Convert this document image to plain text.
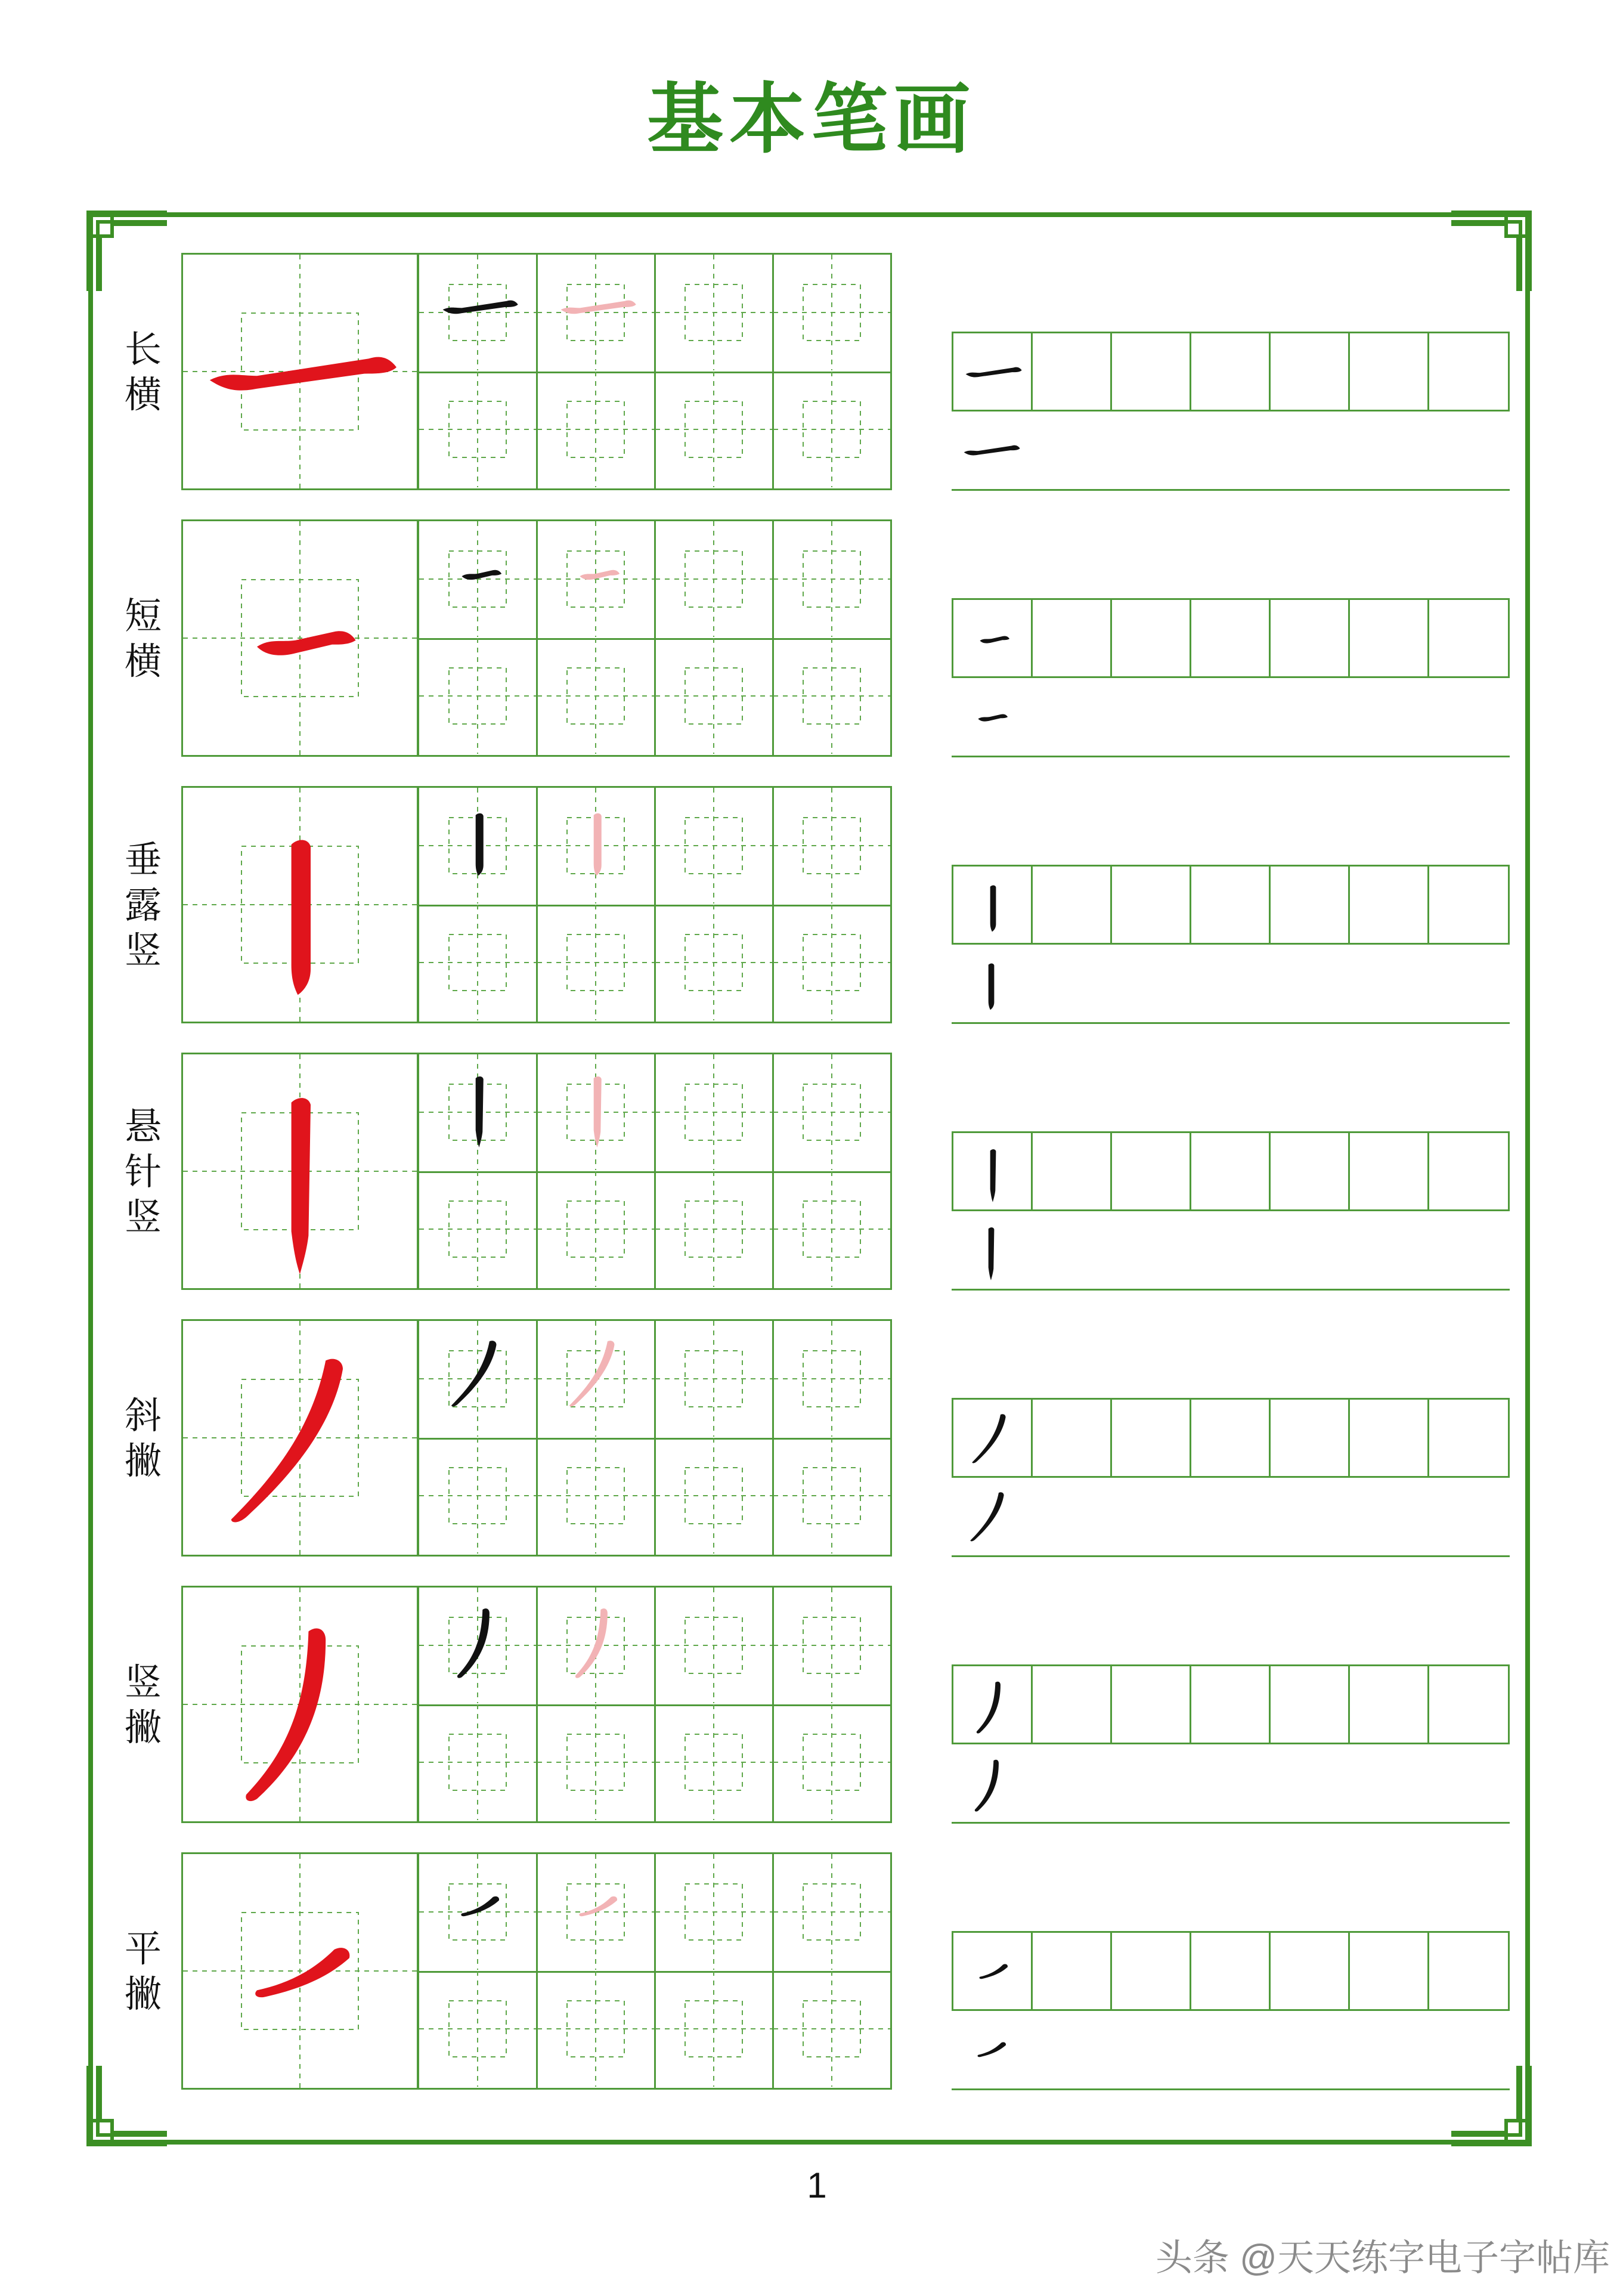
基本笔画
长
横
短
横
垂
露
竖
悬
针
竖
斜
撇
竖
撇
平
撇
1
头条 @天天练字电子字帖库
